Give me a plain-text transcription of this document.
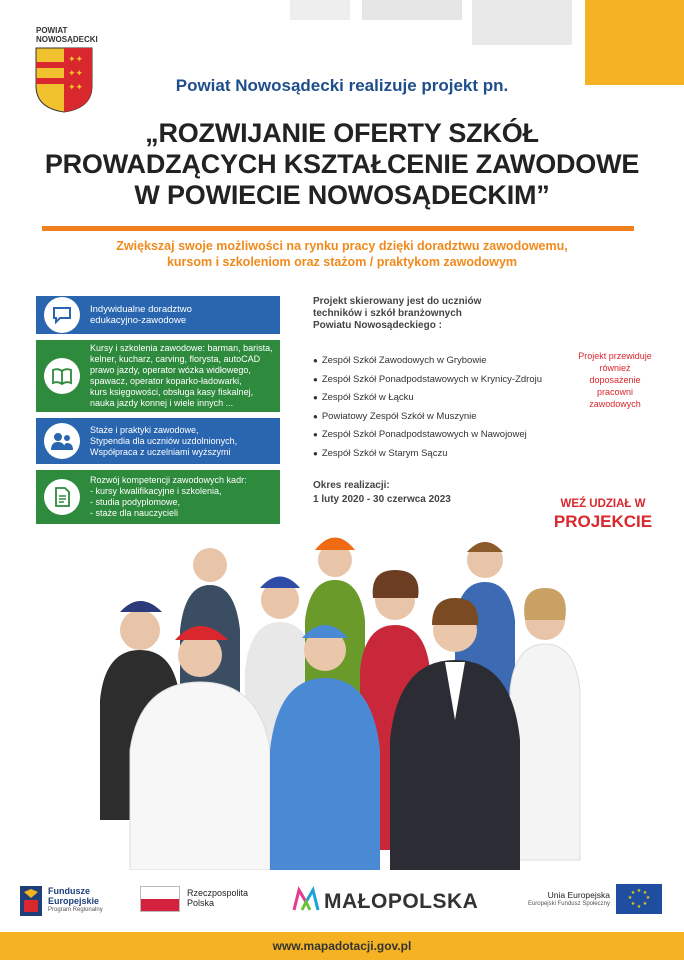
POWIAT NOWOSĄDECKI
✦✦
✦✦
✦✦	Powiat Nowosądecki realizuje projekt pn.
„ROZWIJANIE OFERTY SZKÓŁ
PROWADZĄCYCH KSZTAŁCENIE ZAWODOWE
W POWIECIE NOWOSĄDECKIM”
Zwiększaj swoje możliwości na rynku pracy dzięki doradztwu zawodowemu,
kursom i szkoleniom oraz stażom / praktykom zawodowym
Indywidualne doradztwo
edukacyjno-zawodowe
Kursy i szkolenia zawodowe: barman, barista,
kelner, kucharz, carving, florysta, autoCAD
prawo jazdy, operator wózka widłowego,
spawacz, operator koparko-ładowarki,
kurs księgowości, obsługa kasy fiskalnej,
nauka jazdy konnej i wiele innych ...
Staże i praktyki zawodowe,
Stypendia dla uczniów uzdolnionych,
Współpraca z uczelniami wyższymi
Rozwój kompetencji zawodowych kadr:
- kursy kwalifikacyjne i szkolenia,
- studia podyplomowe,
- staże dla nauczycieli
Projekt skierowany jest do uczniów
techników i szkół branżownych
Powiatu Nowosądeckiego :
● Zespół Szkół Zawodowych w Grybowie
● Zespół Szkół Ponadpodstawowych w Krynicy-Zdroju
● Zespół Szkół w Łącku
● Powiatowy Zespół Szkół w Muszynie
● Zespół Szkół Ponadpodstawowych w Nawojowej
● Zespół Szkół w Starym Sączu
Okres realizacji:
1 luty 2020 - 30 czerwca 2023
Projekt przewiduje
również
doposażenie
pracowni
zawodowych
WEŹ UDZIAŁ W
PROJEKCIE
Fundusze
Europejskie
Program Regionalny
Rzeczpospolita
Polska	MAŁOPOLSKA	Unia Europejska
Europejski Fundusz Społeczny
★ ★
★
★
★
★
★
★
www.mapadotacji.gov.pl
